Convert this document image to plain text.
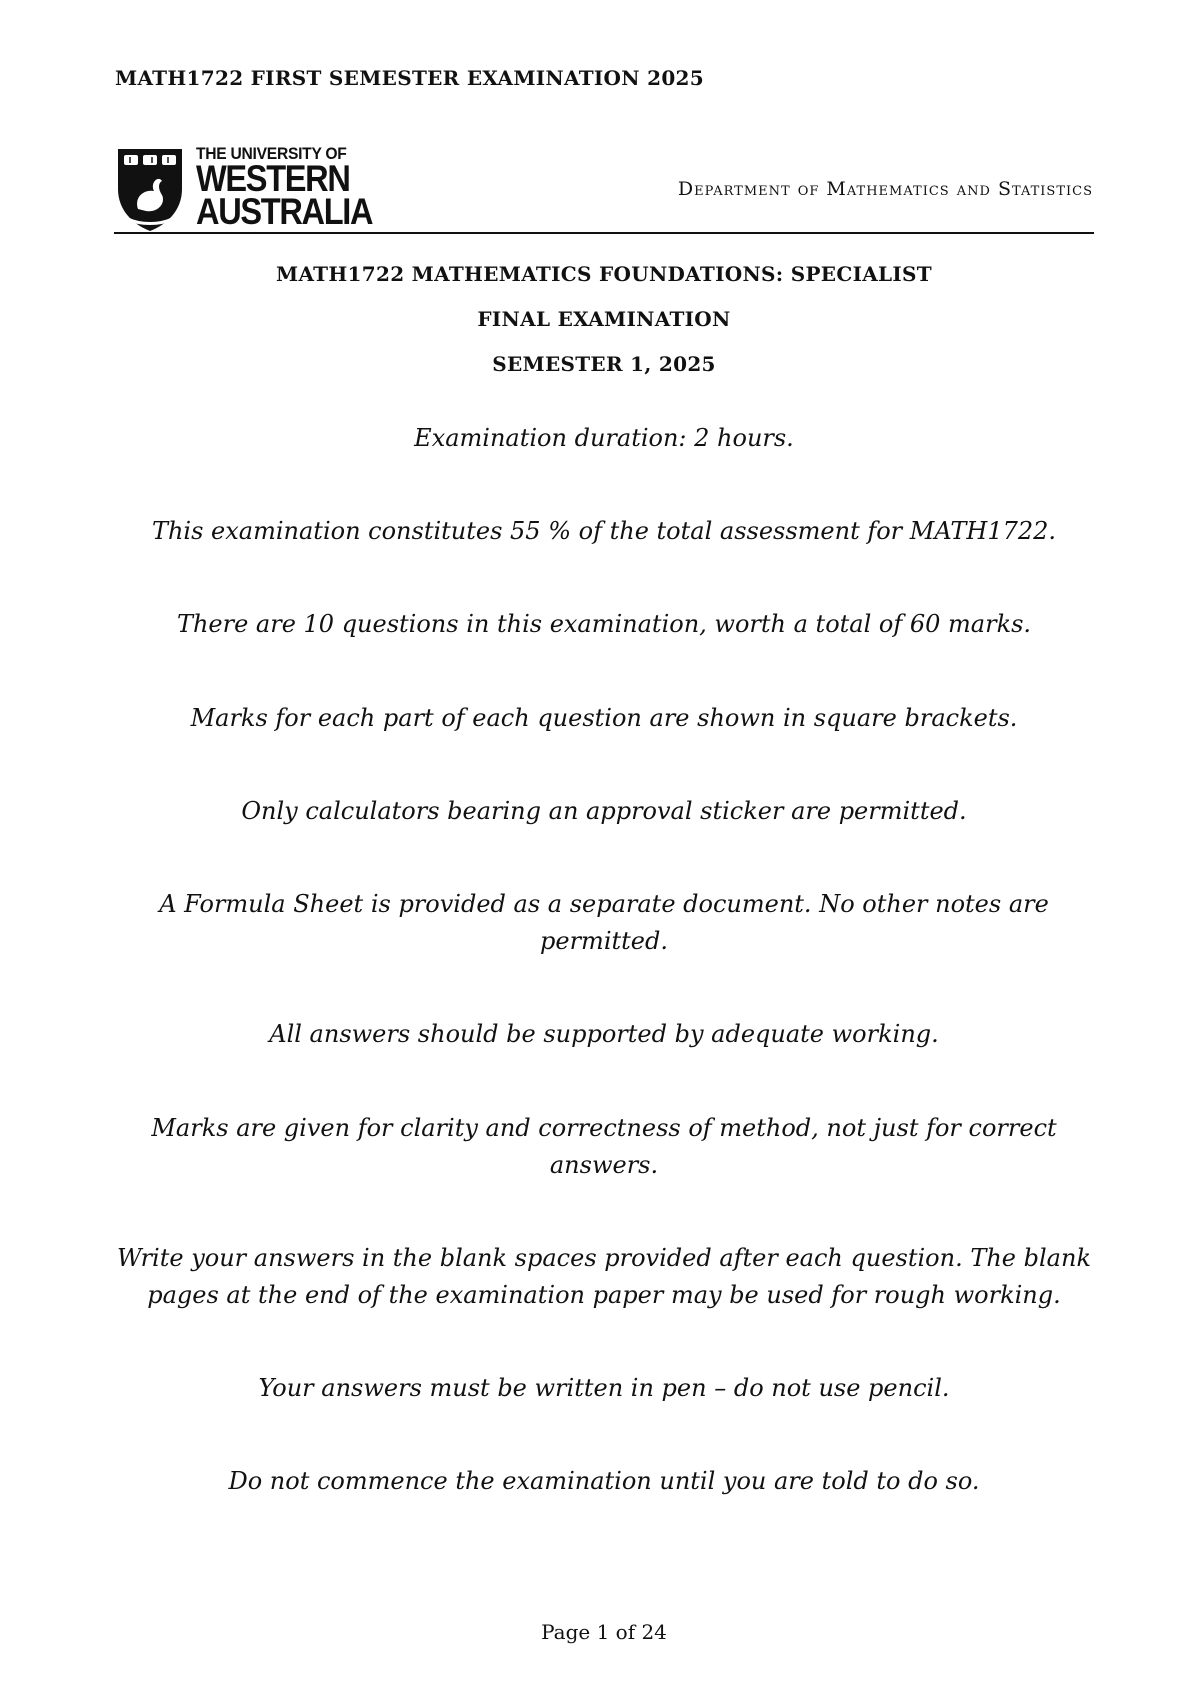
MATH1722 FIRST SEMESTER EXAMINATION 2025
THE UNIVERSITY OF
WESTERN
AUSTRALIA
Department of Mathematics and Statistics
MATH1722 MATHEMATICS FOUNDATIONS: SPECIALIST
FINAL EXAMINATION
SEMESTER 1, 2025
Examination duration: 2 hours.
This examination constitutes 55 % of the total assessment for MATH1722.
There are 10 questions in this examination, worth a total of 60 marks.
Marks for each part of each question are shown in square brackets.
Only calculators bearing an approval sticker are permitted.
A Formula Sheet is provided as a separate document. No other notes are permitted.
All answers should be supported by adequate working.
Marks are given for clarity and correctness of method, not just for correct answers.
Write your answers in the blank spaces provided after each question. The blank pages at the end of the examination paper may be used for rough working.
Your answers must be written in pen – do not use pencil.
Do not commence the examination until you are told to do so.
Page 1 of 24
